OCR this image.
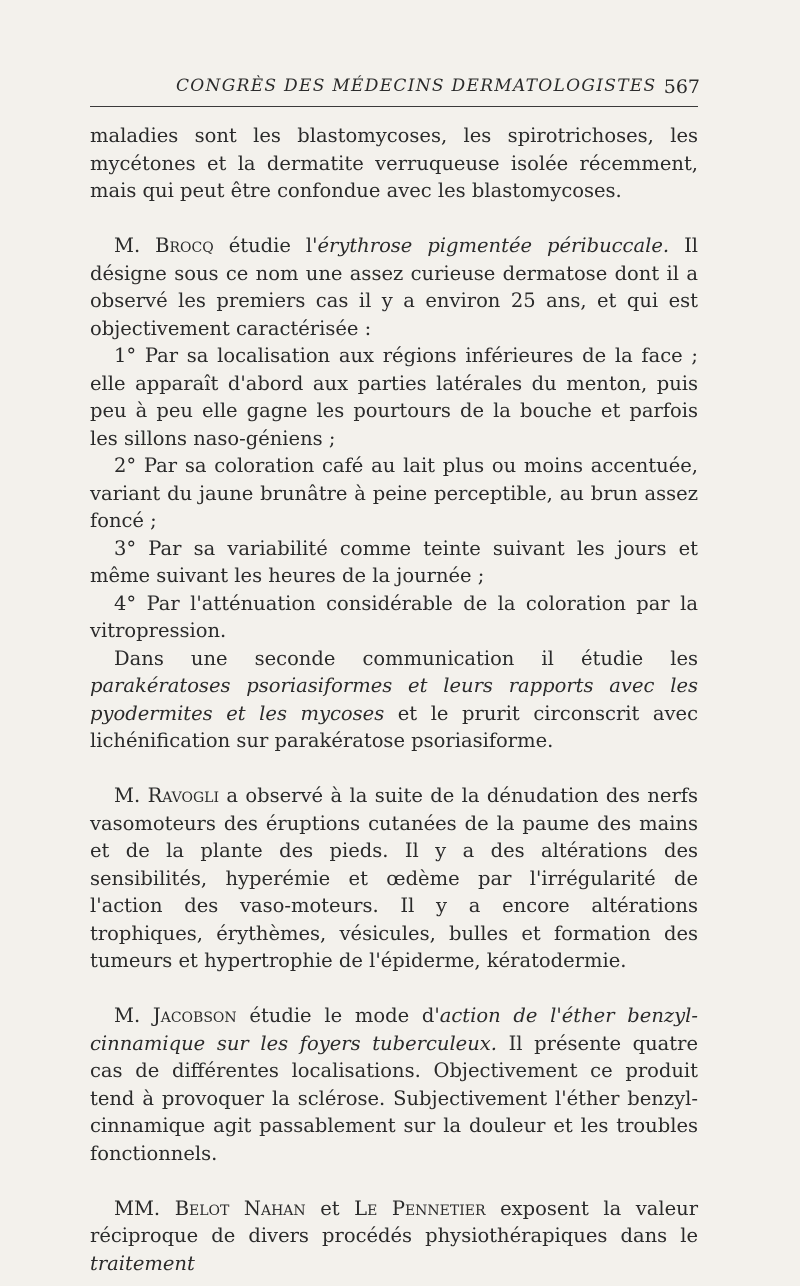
CONGRÈS DES MÉDECINS DERMATOLOGISTES 567

maladies sont les blastomycoses, les spirotrichoses, les mycétones et la dermatite verruqueuse isolée récemment, mais qui peut être confondue avec les blastomycoses.

M. Brocq étudie l'érythrose pigmentée péribuccale. Il désigne sous ce nom une assez curieuse dermatose dont il a observé les premiers cas il y a environ 25 ans, et qui est objectivement caractérisée :

1° Par sa localisation aux régions inférieures de la face ; elle apparaît d'abord aux parties latérales du menton, puis peu à peu elle gagne les pourtours de la bouche et parfois les sillons naso-géniens ;

2° Par sa coloration café au lait plus ou moins accentuée, variant du jaune brunâtre à peine perceptible, au brun assez foncé ;

3° Par sa variabilité comme teinte suivant les jours et même suivant les heures de la journée ;

4° Par l'atténuation considérable de la coloration par la vitropression.

Dans une seconde communication il étudie les parakératoses psoriasiformes et leurs rapports avec les pyodermites et les mycoses et le prurit circonscrit avec lichénification sur parakératose psoriasiforme.

M. Ravogli a observé à la suite de la dénudation des nerfs vasomoteurs des éruptions cutanées de la paume des mains et de la plante des pieds. Il y a des altérations des sensibilités, hyperémie et œdème par l'irrégularité de l'action des vaso-moteurs. Il y a encore altérations trophiques, érythèmes, vésicules, bulles et formation des tumeurs et hypertrophie de l'épiderme, kératodermie.

M. Jacobson étudie le mode d'action de l'éther benzyl-cinnamique sur les foyers tuberculeux. Il présente quatre cas de différentes localisations. Objectivement ce produit tend à provoquer la sclérose. Subjectivement l'éther benzyl-cinnamique agit passablement sur la douleur et les troubles fonctionnels.

MM. Belot Nahan et Le Pennetier exposent la valeur réciproque de divers procédés physiothérapiques dans le traitement
